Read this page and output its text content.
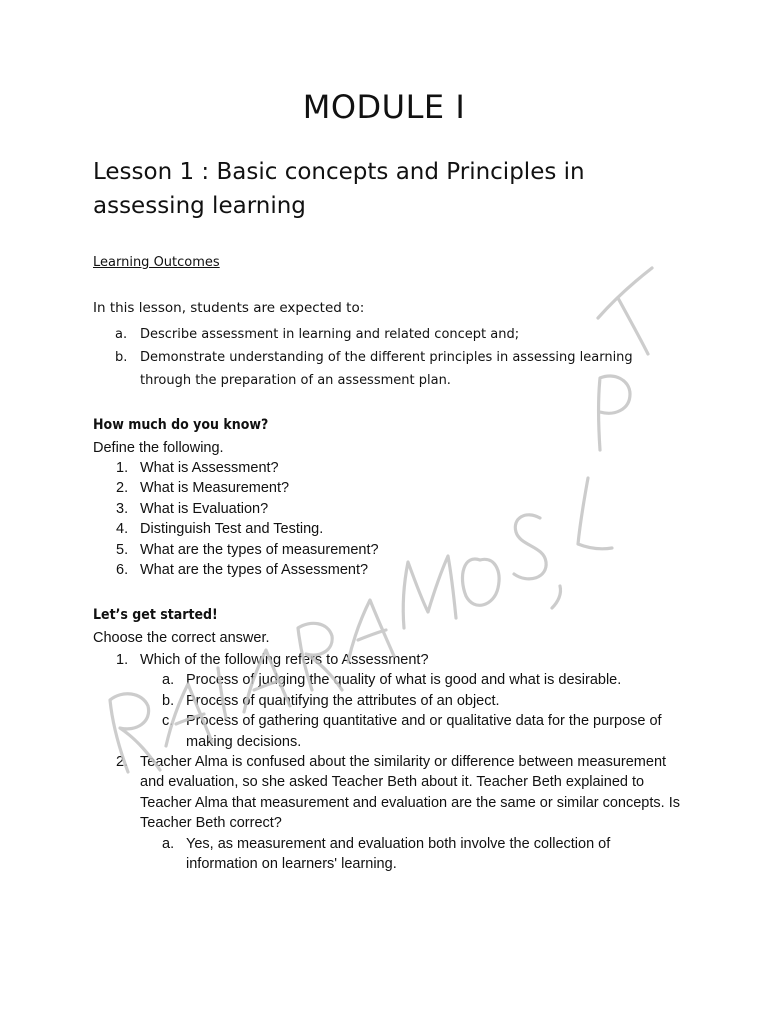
MODULE I
Lesson 1 : Basic concepts and Principles in assessing learning
Learning Outcomes
In this lesson, students are expected to:
a. Describe assessment in learning and related concept and;
b. Demonstrate understanding of the different principles in assessing learning through the preparation of an assessment plan.
How much do you know?
Define the following.
1. What is Assessment?
2. What is Measurement?
3. What is Evaluation?
4. Distinguish Test and Testing.
5. What are the types of measurement?
6. What are the types of Assessment?
Let’s get started!
Choose the correct answer.
1. Which of the following refers to Assessment?
a. Process of judging the quality of what is good and what is desirable.
b. Process of quantifying the attributes of an object.
c. Process of gathering quantitative and or qualitative data for the purpose of making decisions.
2. Teacher Alma is confused about the similarity or difference between measurement and evaluation, so she asked Teacher Beth about it. Teacher Beth explained to Teacher Alma that measurement and evaluation are the same or similar concepts. Is Teacher Beth correct?
a. Yes, as measurement and evaluation both involve the collection of information on learners' learning.
